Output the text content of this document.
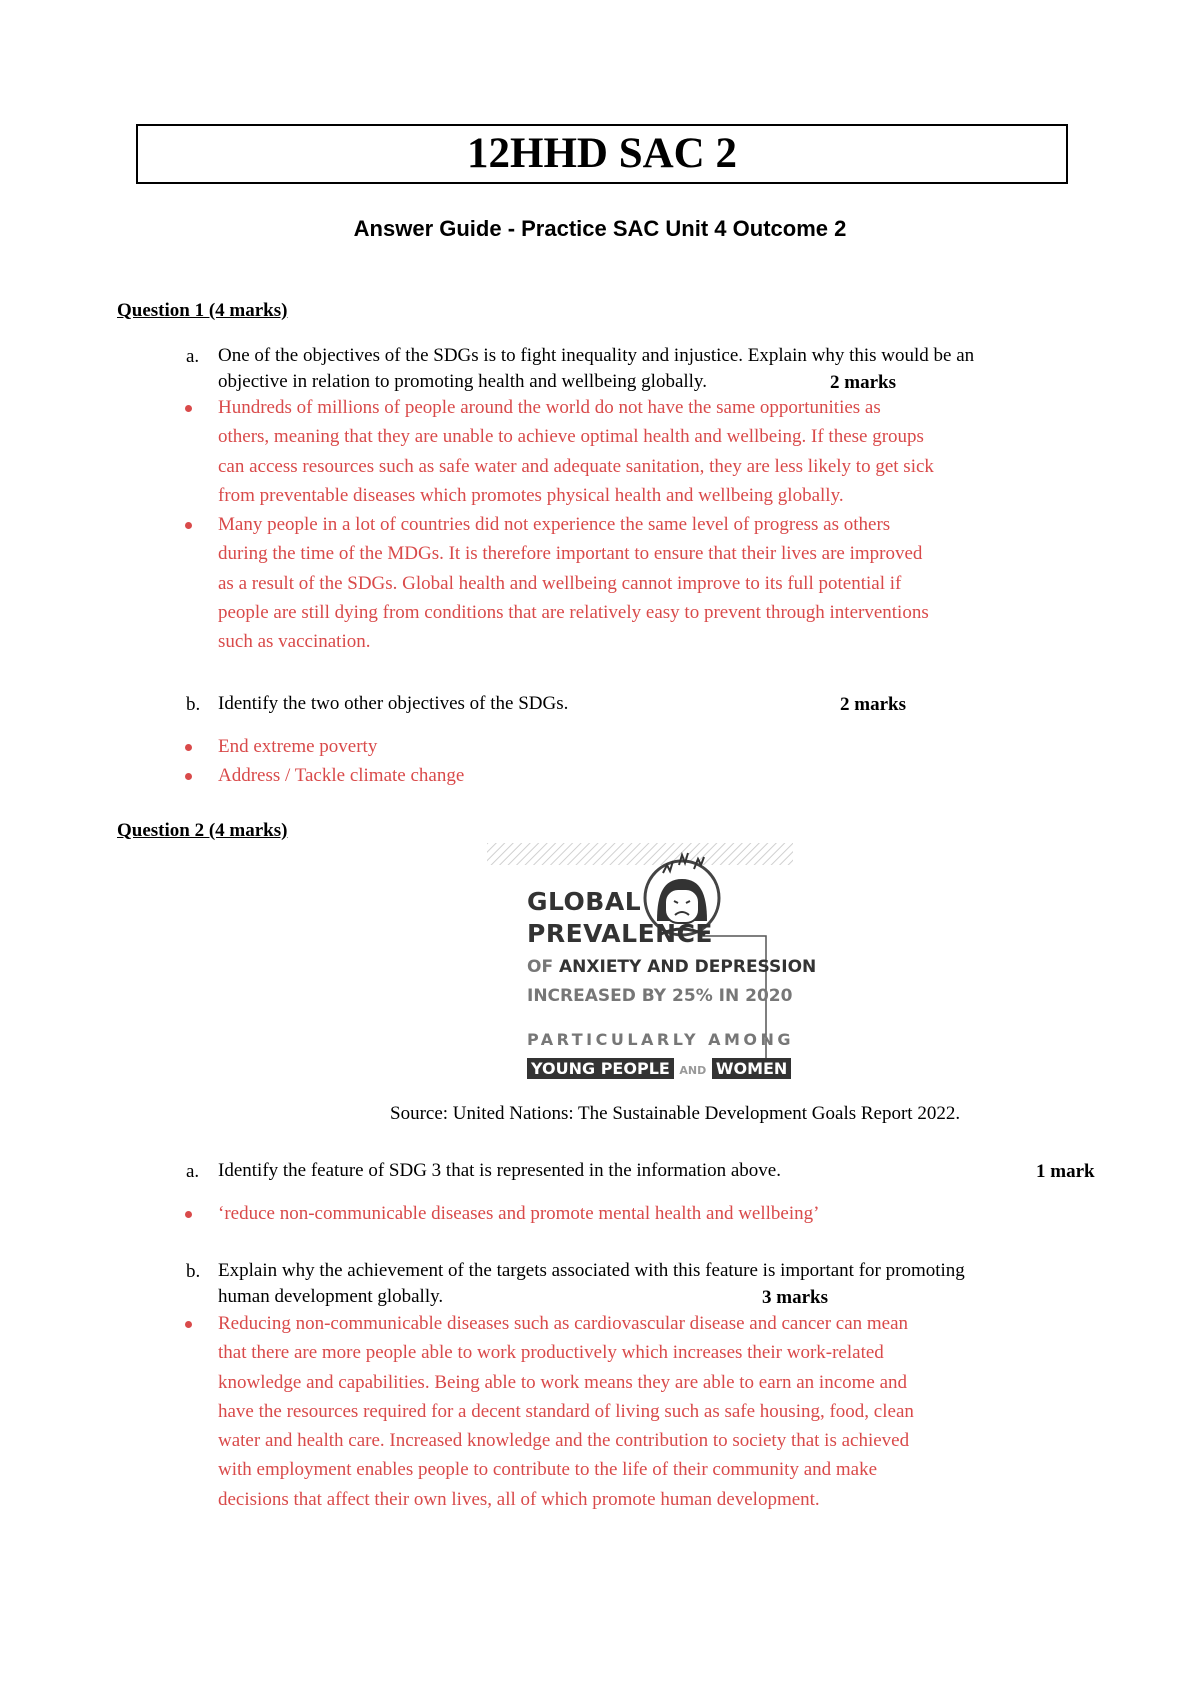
12HHD SAC 2
Answer Guide - Practice SAC Unit 4 Outcome 2
Question 1 (4 marks)
a. One of the objectives of the SDGs is to fight inequality and injustice. Explain why this would be an
objective in relation to promoting health and wellbeing globally.	2 marks
Hundreds of millions of people around the world do not have the same opportunities as
others, meaning that they are unable to achieve optimal health and wellbeing. If these groups
can access resources such as safe water and adequate sanitation, they are less likely to get sick
from preventable diseases which promotes physical health and wellbeing globally.
Many people in a lot of countries did not experience the same level of progress as others
during the time of the MDGs. It is therefore important to ensure that their lives are improved
as a result of the SDGs. Global health and wellbeing cannot improve to its full potential if
people are still dying from conditions that are relatively easy to prevent through interventions
such as vaccination.
b. Identify the two other objectives of the SDGs.	2 marks
End extreme poverty
Address / Tackle climate change
Question 2 (4 marks)
GLOBAL
PREVALENCE
OF ANXIETY AND DEPRESSION
INCREASED BY 25% IN 2020
PARTICULARLY AMONG
YOUNG PEOPLE AND WOMEN
Source: United Nations: The Sustainable Development Goals Report 2022.
a. Identify the feature of SDG 3 that is represented in the information above.	1 mark
‘reduce non-communicable diseases and promote mental health and wellbeing’
b. Explain why the achievement of the targets associated with this feature is important for promoting
human development globally.	3 marks
Reducing non-communicable diseases such as cardiovascular disease and cancer can mean
that there are more people able to work productively which increases their work-related
knowledge and capabilities. Being able to work means they are able to earn an income and
have the resources required for a decent standard of living such as safe housing, food, clean
water and health care. Increased knowledge and the contribution to society that is achieved
with employment enables people to contribute to the life of their community and make
decisions that affect their own lives, all of which promote human development.
